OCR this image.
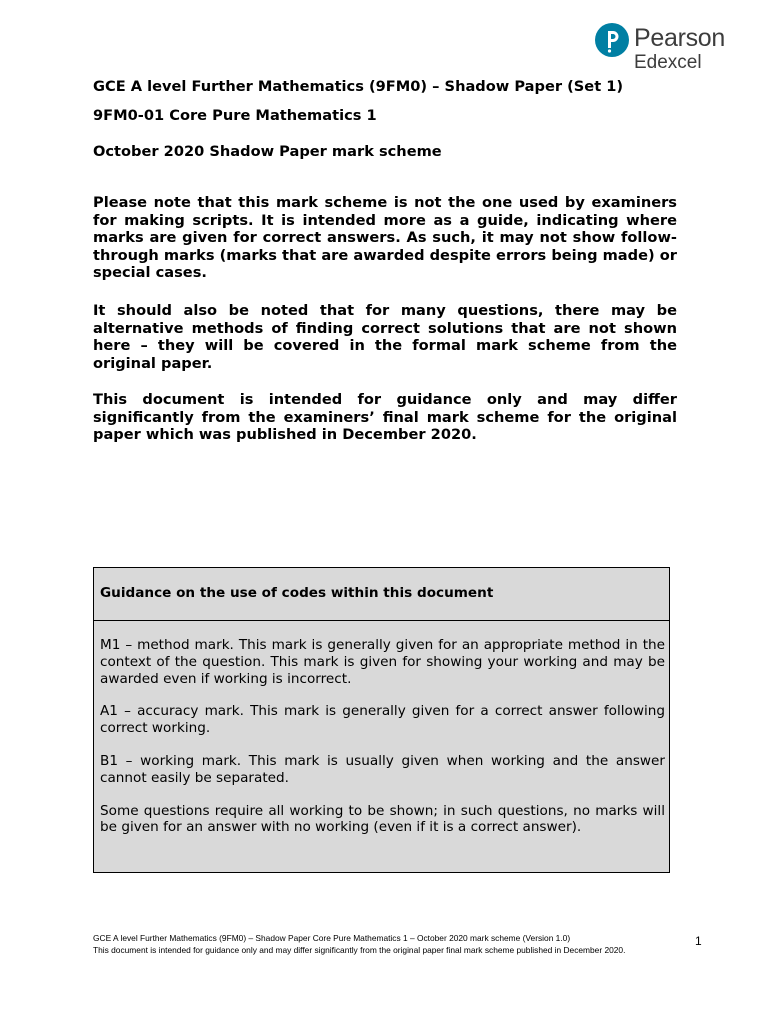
Pearson
Edexcel
GCE A level Further Mathematics (9FM0) – Shadow Paper (Set 1)
9FM0-01 Core Pure Mathematics 1
October 2020 Shadow Paper mark scheme

Please note that this mark scheme is not the one used by examiners for making scripts. It is intended more as a guide, indicating where marks are given for correct answers. As such, it may not show follow-through marks (marks that are awarded despite errors being made) or special cases.

It should also be noted that for many questions, there may be alternative methods of finding correct solutions that are not shown here – they will be covered in the formal mark scheme from the original paper.

This document is intended for guidance only and may differ significantly from the examiners’ final mark scheme for the original paper which was published in December 2020.

Guidance on the use of codes within this document

M1 – method mark. This mark is generally given for an appropriate method in the context of the question. This mark is given for showing your working and may be awarded even if working is incorrect.

A1 – accuracy mark. This mark is generally given for a correct answer following correct working.

B1 – working mark. This mark is usually given when working and the answer cannot easily be separated.

Some questions require all working to be shown; in such questions, no marks will be given for an answer with no working (even if it is a correct answer).

GCE A level Further Mathematics (9FM0) – Shadow Paper Core Pure Mathematics 1 – October 2020 mark scheme (Version 1.0)
This document is intended for guidance only and may differ significantly from the original paper final mark scheme published in December 2020.
1
